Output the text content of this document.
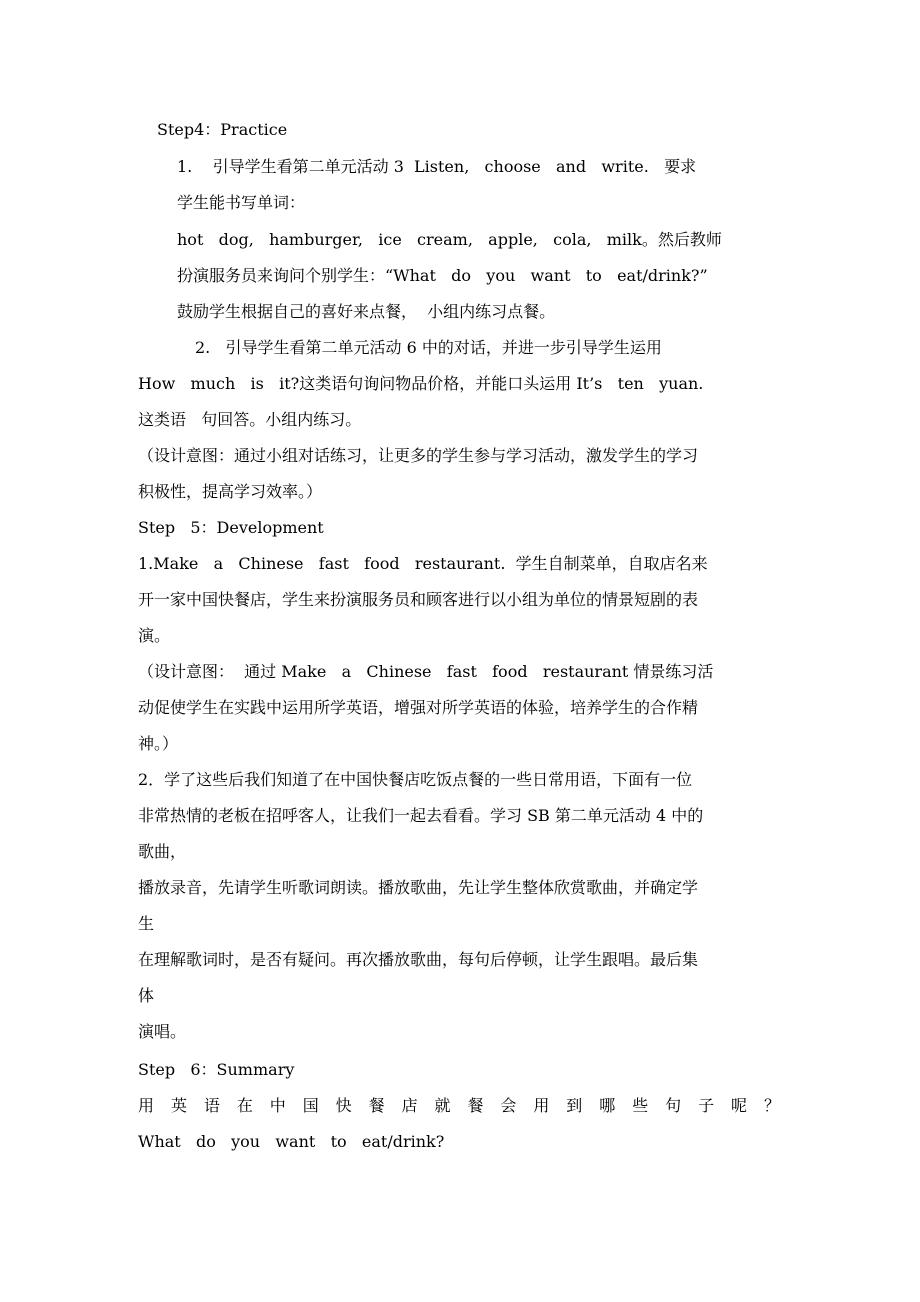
Step4：Practice
1.    引导学生看第二单元活动 3  Listen,   choose   and   write.   要求
学生能书写单词：
hot   dog,   hamburger,   ice   cream,   apple,   cola,   milk。然后教师
扮演服务员来询问个别学生：“What   do   you   want   to   eat/drink?”
鼓励学生根据自己的喜好来点餐，  小组内练习点餐。
2.   引导学生看第二单元活动 6 中的对话，并进一步引导学生运用
How   much   is   it?这类语句询问物品价格，并能口头运用 It’s   ten   yuan.
这类语   句回答。小组内练习。
（设计意图：通过小组对话练习，让更多的学生参与学习活动，激发学生的学习
积极性，提高学习效率。）
Step   5：Development
1.Make   a   Chinese   fast   food   restaurant.  学生自制菜单，自取店名来
开一家中国快餐店，学生来扮演服务员和顾客进行以小组为单位的情景短剧的表
演。
（设计意图：  通过 Make   a   Chinese   fast   food   restaurant 情景练习活
动促使学生在实践中运用所学英语，增强对所学英语的体验，培养学生的合作精
神。）
2．学了这些后我们知道了在中国快餐店吃饭点餐的一些日常用语，下面有一位
非常热情的老板在招呼客人，让我们一起去看看。学习 SB 第二单元活动 4 中的
歌曲，
播放录音，先请学生听歌词朗读。播放歌曲，先让学生整体欣赏歌曲，并确定学
生
在理解歌词时，是否有疑问。再次播放歌曲，每句后停顿，让学生跟唱。最后集
体
演唱。
Step   6：Summary
用英语在中国快餐店就餐会用到哪些句子呢？
What   do   you   want   to   eat/drink?
